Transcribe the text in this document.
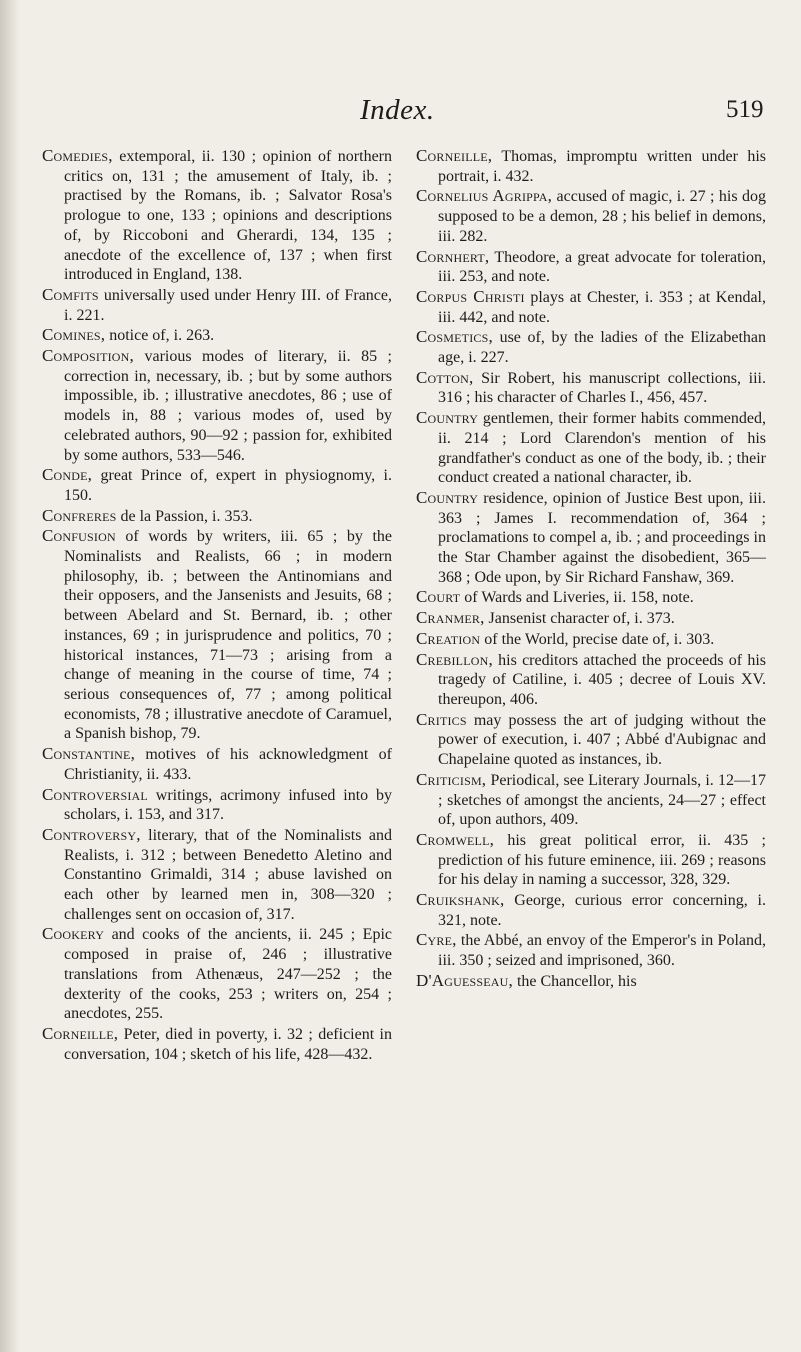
Index.	519

Comedies, extemporal, ii. 130 ; opinion of northern critics on, 131 ; the amusement of Italy, ib. ; practised by the Romans, ib. ; Salvator Rosa's prologue to one, 133 ; opinions and descriptions of, by Riccoboni and Gherardi, 134, 135 ; anecdote of the excellence of, 137 ; when first introduced in England, 138.

Comfits universally used under Henry III. of France, i. 221.

Comines, notice of, i. 263.

Composition, various modes of literary, ii. 85 ; correction in, necessary, ib. ; but by some authors impossible, ib. ; illustrative anecdotes, 86 ; use of models in, 88 ; various modes of, used by celebrated authors, 90—92 ; passion for, exhibited by some authors, 533—546.

Conde, great Prince of, expert in physiognomy, i. 150.

Confreres de la Passion, i. 353.

Confusion of words by writers, iii. 65 ; by the Nominalists and Realists, 66 ; in modern philosophy, ib. ; between the Antinomians and their opposers, and the Jansenists and Jesuits, 68 ; between Abelard and St. Bernard, ib. ; other instances, 69 ; in jurisprudence and politics, 70 ; historical instances, 71—73 ; arising from a change of meaning in the course of time, 74 ; serious consequences of, 77 ; among political economists, 78 ; illustrative anecdote of Caramuel, a Spanish bishop, 79.

Constantine, motives of his acknowledgment of Christianity, ii. 433.

Controversial writings, acrimony infused into by scholars, i. 153, and 317.

Controversy, literary, that of the Nominalists and Realists, i. 312 ; between Benedetto Aletino and Constantino Grimaldi, 314 ; abuse lavished on each other by learned men in, 308—320 ; challenges sent on occasion of, 317.

Cookery and cooks of the ancients, ii. 245 ; Epic composed in praise of, 246 ; illustrative translations from Athenæus, 247—252 ; the dexterity of the cooks, 253 ; writers on, 254 ; anecdotes, 255.

Corneille, Peter, died in poverty, i. 32 ; deficient in conversation, 104 ; sketch of his life, 428—432.

Corneille, Thomas, impromptu written under his portrait, i. 432.

Cornelius Agrippa, accused of magic, i. 27 ; his dog supposed to be a demon, 28 ; his belief in demons, iii. 282.

Cornhert, Theodore, a great advocate for toleration, iii. 253, and note.

Corpus Christi plays at Chester, i. 353 ; at Kendal, iii. 442, and note.

Cosmetics, use of, by the ladies of the Elizabethan age, i. 227.

Cotton, Sir Robert, his manuscript collections, iii. 316 ; his character of Charles I., 456, 457.

Country gentlemen, their former habits commended, ii. 214 ; Lord Clarendon's mention of his grandfather's conduct as one of the body, ib. ; their conduct created a national character, ib.

Country residence, opinion of Justice Best upon, iii. 363 ; James I. recommendation of, 364 ; proclamations to compel a, ib. ; and proceedings in the Star Chamber against the disobedient, 365—368 ; Ode upon, by Sir Richard Fanshaw, 369.

Court of Wards and Liveries, ii. 158, note.

Cranmer, Jansenist character of, i. 373.

Creation of the World, precise date of, i. 303.

Crebillon, his creditors attached the proceeds of his tragedy of Catiline, i. 405 ; decree of Louis XV. thereupon, 406.

Critics may possess the art of judging without the power of execution, i. 407 ; Abbé d'Aubignac and Chapelaine quoted as instances, ib.

Criticism, Periodical, see Literary Journals, i. 12—17 ; sketches of amongst the ancients, 24—27 ; effect of, upon authors, 409.

Cromwell, his great political error, ii. 435 ; prediction of his future eminence, iii. 269 ; reasons for his delay in naming a successor, 328, 329.

Cruikshank, George, curious error concerning, i. 321, note.

Cyre, the Abbé, an envoy of the Emperor's in Poland, iii. 350 ; seized and imprisoned, 360.

D'Aguesseau, the Chancellor, his
